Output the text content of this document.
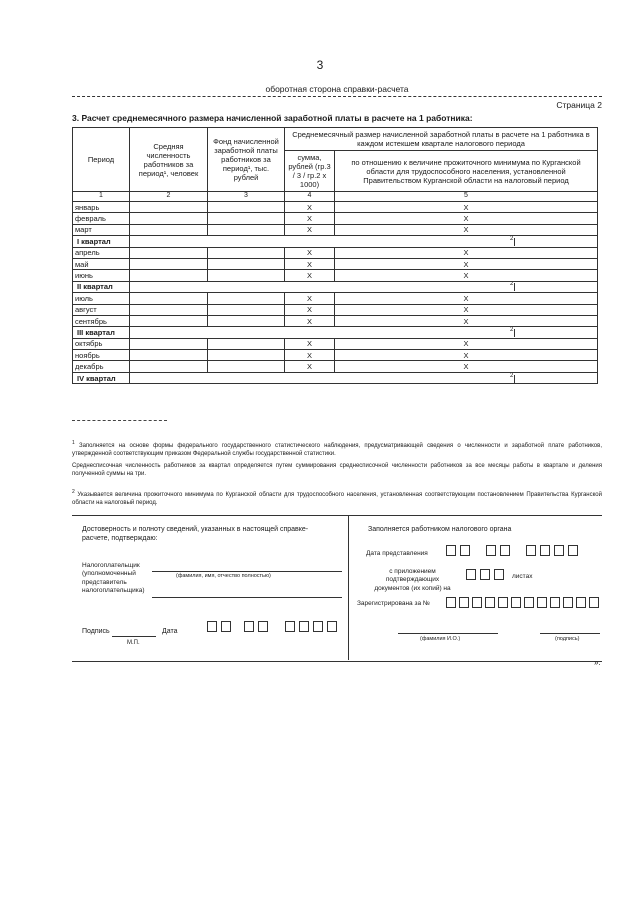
3
оборотная сторона справки-расчета
Страница 2
3. Расчет среднемесячного размера начисленной заработной платы в расчете на 1 работника:
Период	Средняя численность работников за период¹, человек	Фонд начисленной заработной платы работников за период¹, тыс. рублей	Среднемесячный размер начисленной заработной платы в расчете на 1 работника в каждом истекшем квартале налогового периода	
			сумма, рублей (гр.3 / 3 / гр.2 x 1000)	по отношению к величине прожиточного минимума по Курганской области для трудоспособного населения, установленной Правительством Курганской области на налоговый период
1	2	3	4	5
январь			X	X
февраль			X	X
март			X	X
I квартал	2			

апрель			X	X
май			X	X
июнь			X	X
II квартал	2			

июль			X	X
август			X	X
сентябрь			X	X
III квартал	2			

октябрь			X	X
ноябрь			X	X
декабрь			X	X
IV квартал	2			
$^1$ Заполняется на основе формы федерального государственного статистического наблюдения, предусматривающей сведения о численности и заработной плате работников, утвержденной соответствующим приказом Федеральной службы государственной статистики.
Среднесписочная численность работников за квартал определяется путем суммирования среднесписочной численности работников за все месяцы работы в квартале и деления полученной суммы на три.
$^2$ Указывается величина прожиточного минимума по Курганской области для трудоспособного населения, установленная соответствующим постановлением Правительства Курганской области на налоговый период.
Достоверность и полноту сведений, указанных в настоящей справке-расчете, подтверждаю:
Налогоплательщик (уполномоченный представитель налогоплательщика)
(фамилия, имя, отчество полностью)
Подпись	Дата
М.П.
Заполняется работником налогового органа
Дата представления
с приложением подтверждающих документов (их копий) на
листах
Зарегистрирована за №
(фамилия И.О.)	(подпись)
».
